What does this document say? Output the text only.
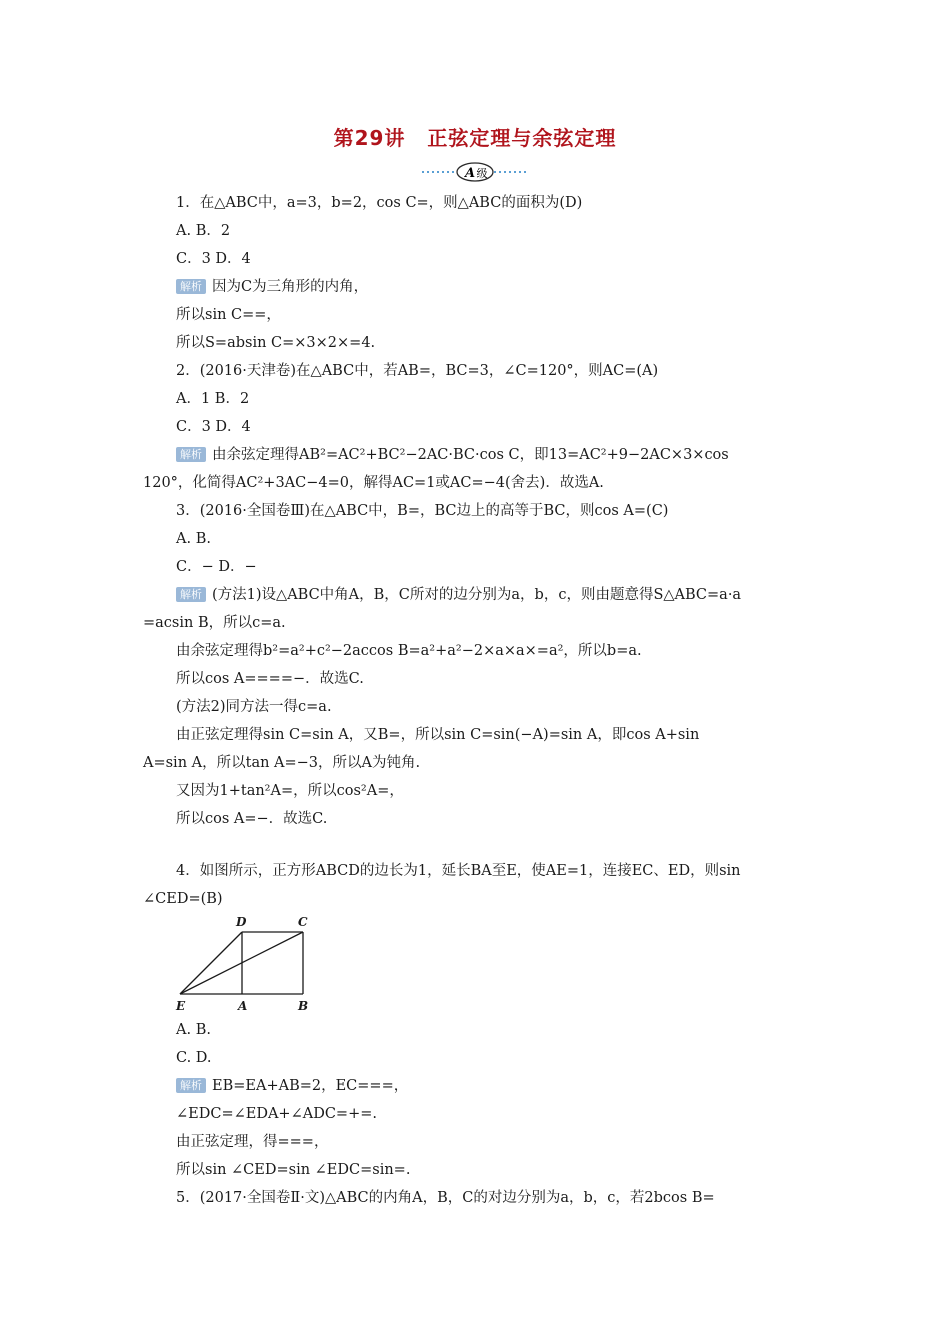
第29讲 正弦定理与余弦定理
A 级
1．在△ABC中，a=3，b=2，cos C=，则△ABC的面积为(D)
A. B．2
C．3 D．4
解析 因为C为三角形的内角，
所以sin C==，
所以S=absin C=×3×2×=4.
2．(2016·天津卷)在△ABC中，若AB=，BC=3，∠C=120°，则AC=(A)
A．1 B．2
C．3 D．4
解析 由余弦定理得AB²=AC²+BC²−2AC·BC·cos C，即13=AC²+9−2AC×3×cos
120°，化简得AC²+3AC−4=0，解得AC=1或AC=−4(舍去)．故选A.
3．(2016·全国卷Ⅲ)在△ABC中，B=，BC边上的高等于BC，则cos A=(C)
A. B.
C．− D．−
解析 (方法1)设△ABC中角A，B，C所对的边分别为a，b，c，则由题意得S△ABC=a·a
=acsin B，所以c=a.
由余弦定理得b²=a²+c²−2accos B=a²+a²−2×a×a×=a²，所以b=a.
所以cos A====−．故选C.
(方法2)同方法一得c=a.
由正弦定理得sin C=sin A，又B=，所以sin C=sin(−A)=sin A，即cos A+sin
A=sin A，所以tan A=−3，所以A为钝角.
又因为1+tan²A=，所以cos²A=，
所以cos A=−．故选C.
4．如图所示，正方形ABCD的边长为1，延长BA至E，使AE=1，连接EC、ED，则sin
∠CED=(B)
A. B.
C. D.
解析 EB=EA+AB=2，EC===，
∠EDC=∠EDA+∠ADC=+=.
由正弦定理，得===，
所以sin ∠CED=sin ∠EDC=sin=.
5．(2017·全国卷Ⅱ·文)△ABC的内角A，B，C的对边分别为a，b，c，若2bcos B=
D	C
E	A	B
